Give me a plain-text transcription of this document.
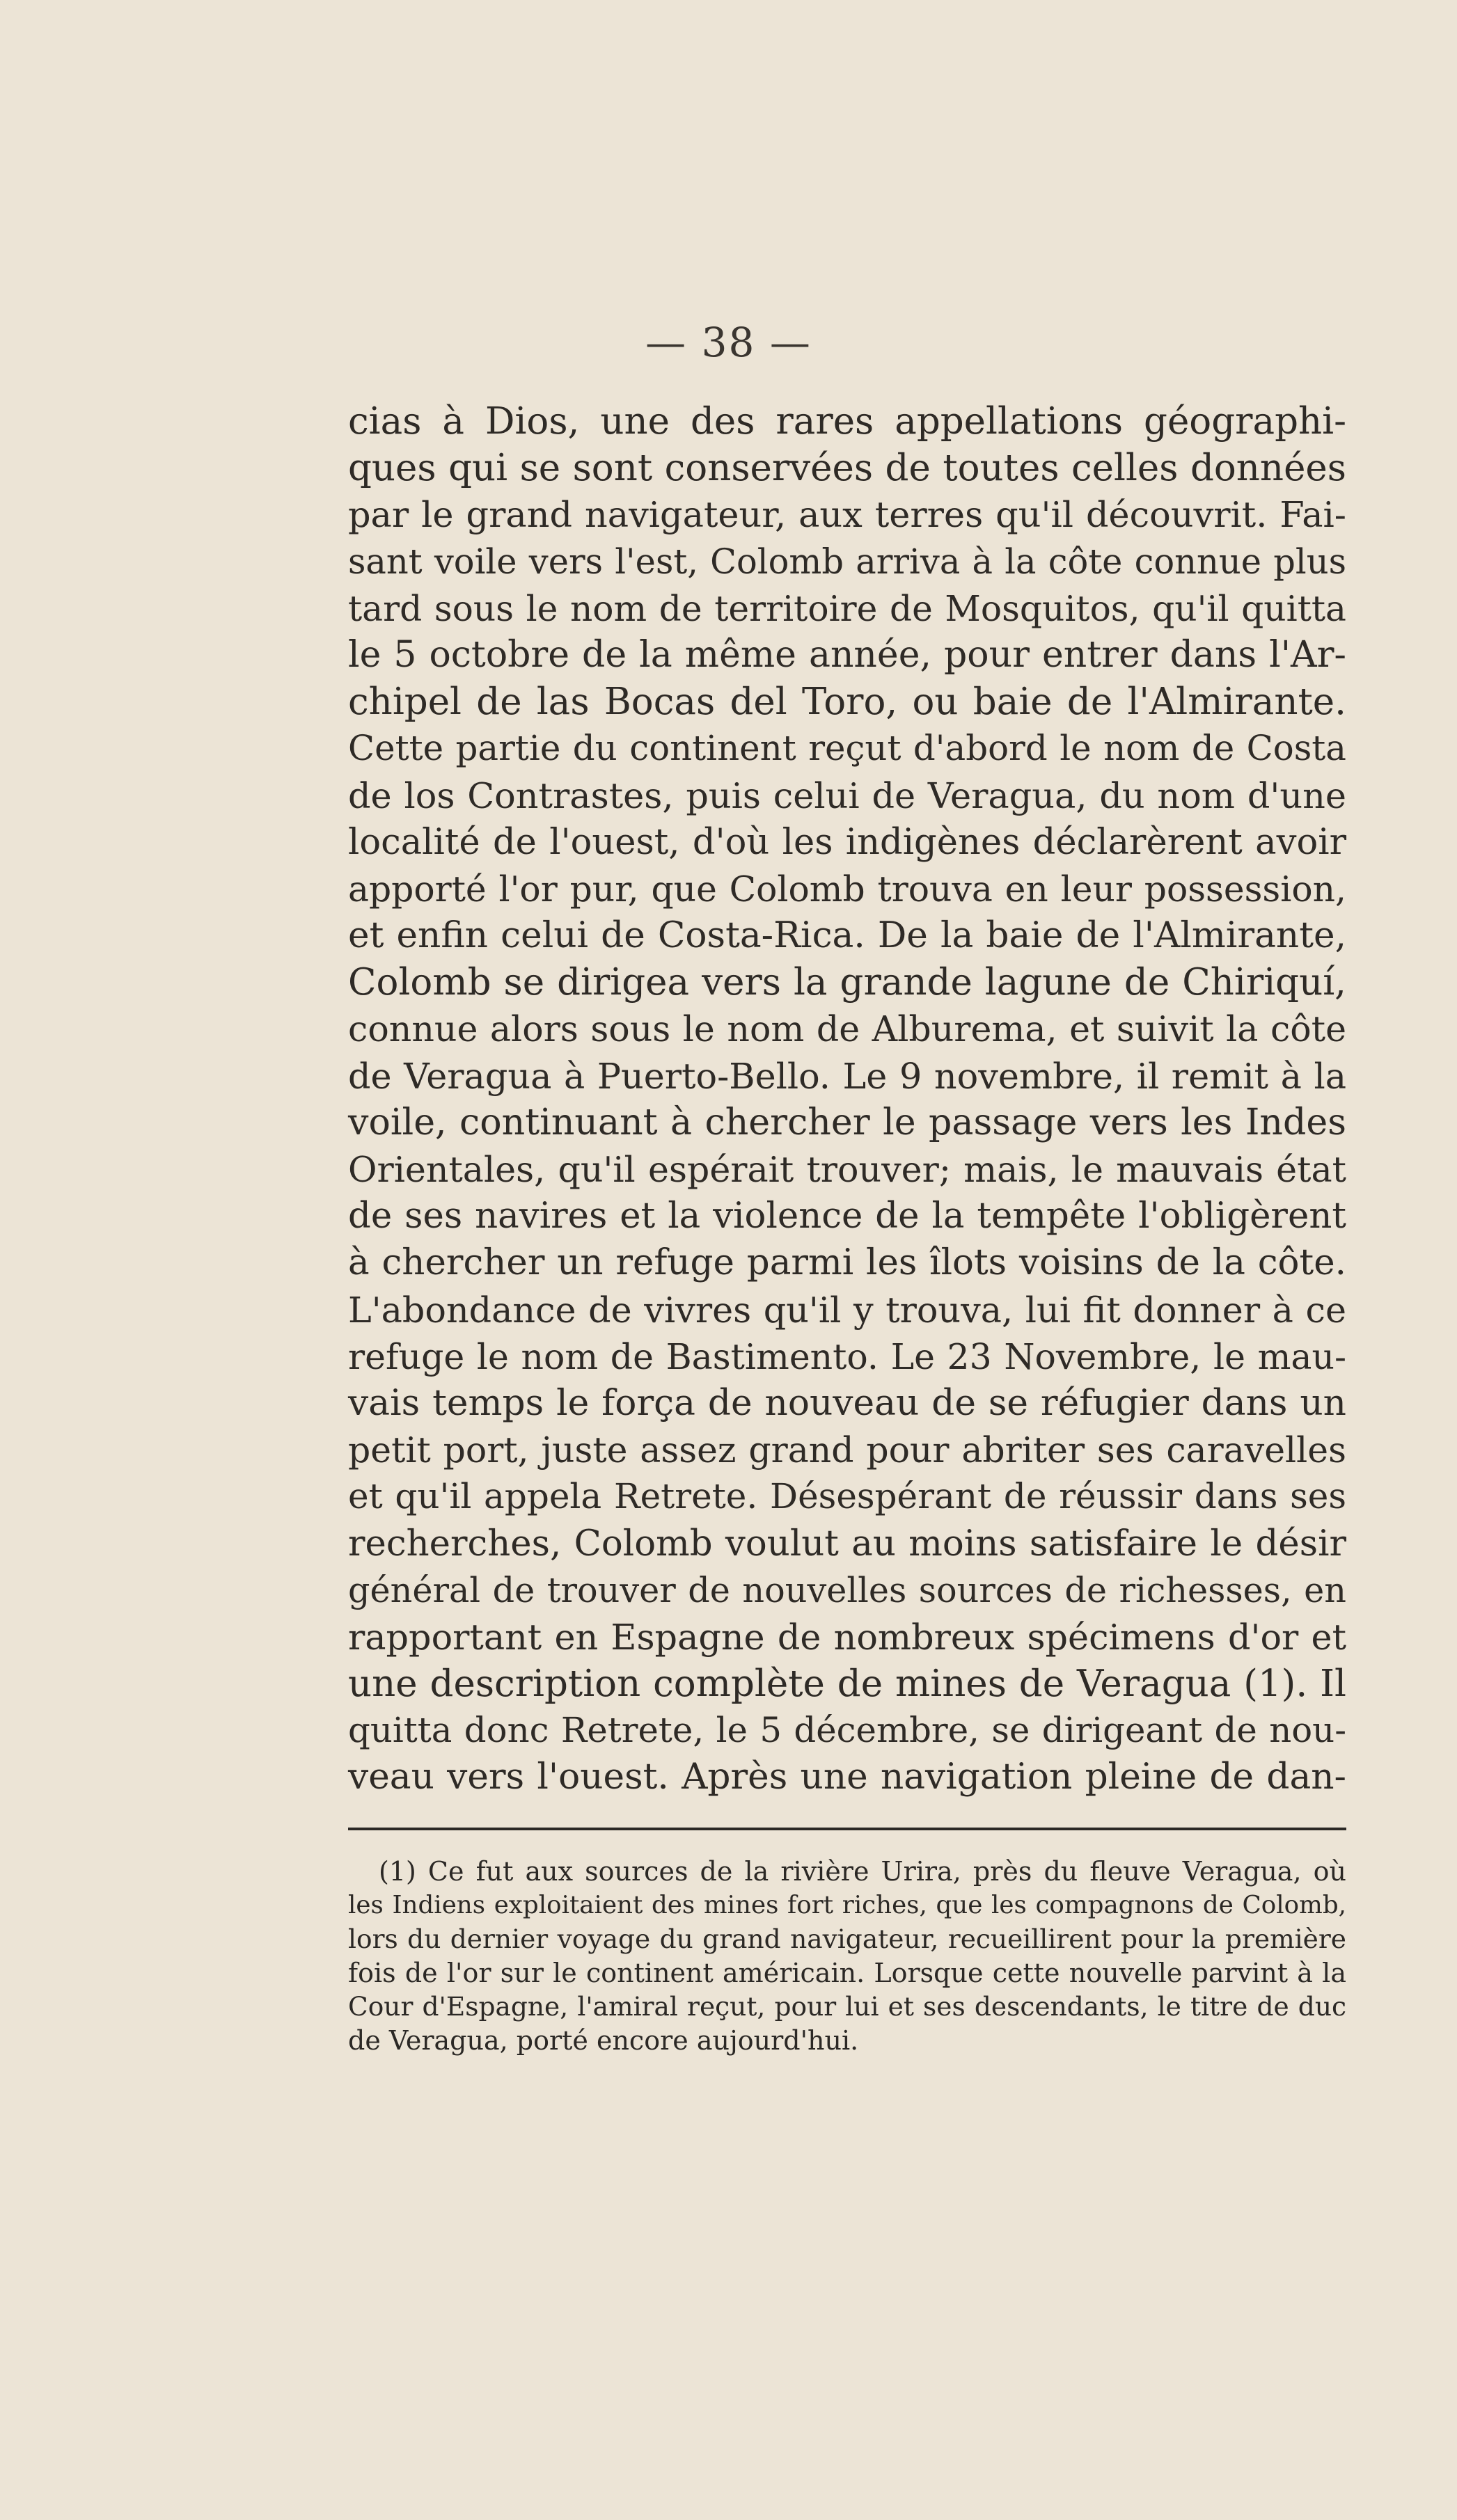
— 38 —
cias à Dios, une des rares appellations géographi-
ques qui se sont conservées de toutes celles données
par le grand navigateur, aux terres qu'il découvrit. Fai-
sant voile vers l'est, Colomb arriva à la côte connue plus
tard sous le nom de territoire de Mosquitos, qu'il quitta
le 5 octobre de la même année, pour entrer dans l'Ar-
chipel de las Bocas del Toro, ou baie de l'Almirante.
Cette partie du continent reçut d'abord le nom de Costa
de los Contrastes, puis celui de Veragua, du nom d'une
localité de l'ouest, d'où les indigènes déclarèrent avoir
apporté l'or pur, que Colomb trouva en leur possession,
et enfin celui de Costa-Rica. De la baie de l'Almirante,
Colomb se dirigea vers la grande lagune de Chiriquí,
connue alors sous le nom de Alburema, et suivit la côte
de Veragua à Puerto-Bello. Le 9 novembre, il remit à la
voile, continuant à chercher le passage vers les Indes
Orientales, qu'il espérait trouver; mais, le mauvais état
de ses navires et la violence de la tempête l'obligèrent
à chercher un refuge parmi les îlots voisins de la côte.
L'abondance de vivres qu'il y trouva, lui fit donner à ce
refuge le nom de Bastimento. Le 23 Novembre, le mau-
vais temps le força de nouveau de se réfugier dans un
petit port, juste assez grand pour abriter ses caravelles
et qu'il appela Retrete. Désespérant de réussir dans ses
recherches, Colomb voulut au moins satisfaire le désir
général de trouver de nouvelles sources de richesses, en
rapportant en Espagne de nombreux spécimens d'or et
une description complète de mines de Veragua (1). Il
quitta donc Retrete, le 5 décembre, se dirigeant de nou-
veau vers l'ouest. Après une navigation pleine de dan-
(1) Ce fut aux sources de la rivière Urira, près du fleuve Veragua, où
les Indiens exploitaient des mines fort riches, que les compagnons de Colomb,
lors du dernier voyage du grand navigateur, recueillirent pour la première
fois de l'or sur le continent américain. Lorsque cette nouvelle parvint à la
Cour d'Espagne, l'amiral reçut, pour lui et ses descendants, le titre de duc
de Veragua, porté encore aujourd'hui.
